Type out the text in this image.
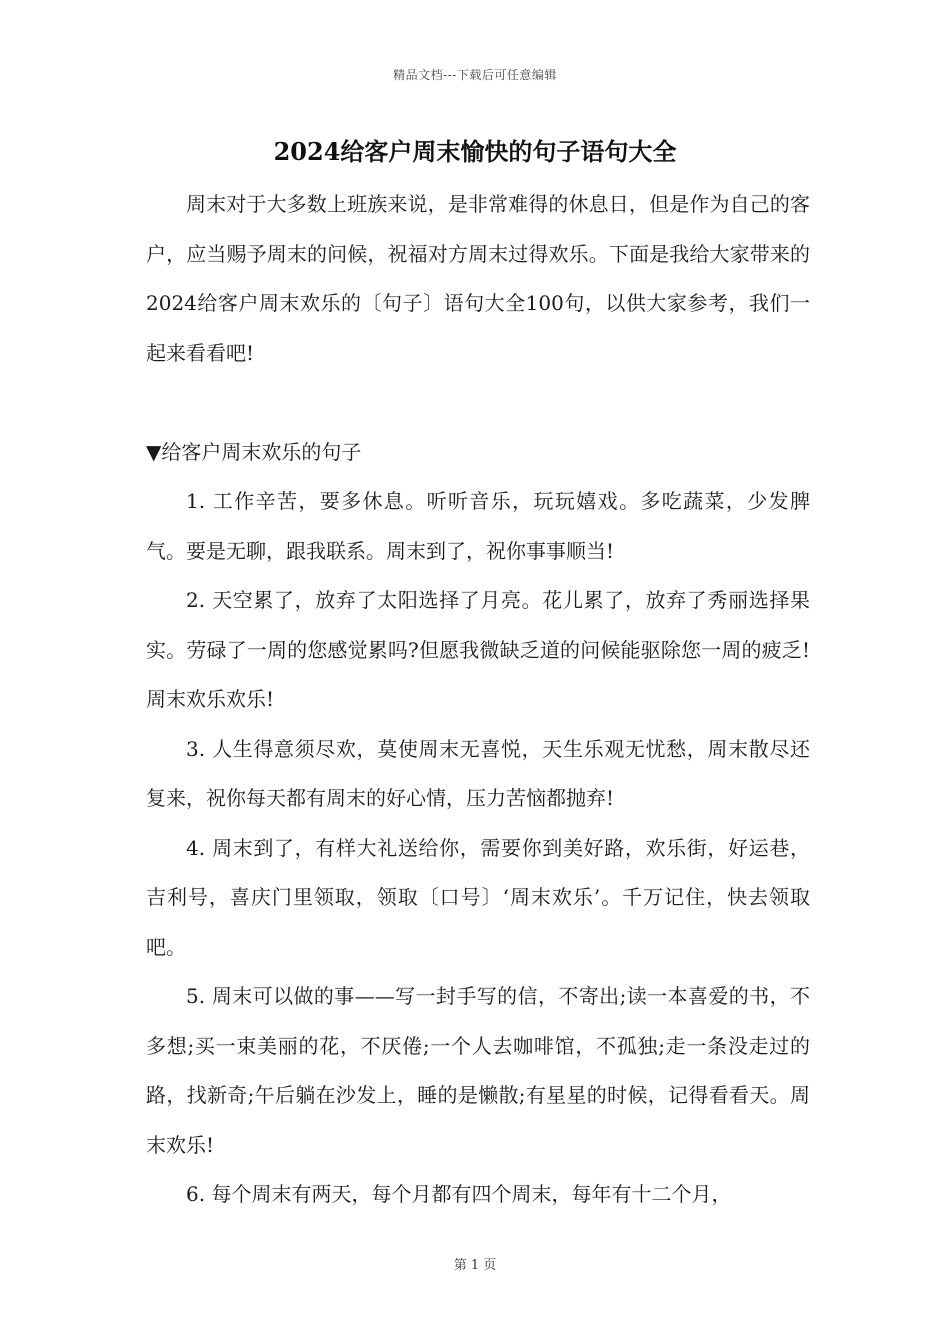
精品文档---下载后可任意编辑
2024给客户周末愉快的句子语句大全

周末对于大多数上班族来说，是非常难得的休息日，但是作为自己的客户，应当赐予周末的问候，祝福对方周末过得欢乐。下面是我给大家带来的2024给客户周末欢乐的〔句子〕语句大全100句，以供大家参考，我们一起来看看吧!

▼给客户周末欢乐的句子

1. 工作辛苦，要多休息。听听音乐，玩玩嬉戏。多吃蔬菜，少发脾气。要是无聊，跟我联系。周末到了，祝你事事顺当!

2. 天空累了，放弃了太阳选择了月亮。花儿累了，放弃了秀丽选择果实。劳碌了一周的您感觉累吗?但愿我微缺乏道的问候能驱除您一周的疲乏!周末欢乐欢乐!

3. 人生得意须尽欢，莫使周末无喜悦，天生乐观无忧愁，周末散尽还复来，祝你每天都有周末的好心情，压力苦恼都抛弃!

4. 周末到了，有样大礼送给你，需要你到美好路，欢乐街，好运巷，吉利号，喜庆门里领取，领取〔口号〕‘周末欢乐’。千万记住，快去领取吧。

5. 周末可以做的事——写一封手写的信，不寄出;读一本喜爱的书，不多想;买一束美丽的花，不厌倦;一个人去咖啡馆，不孤独;走一条没走过的路，找新奇;午后躺在沙发上，睡的是懒散;有星星的时候，记得看看天。周末欢乐!

6. 每个周末有两天，每个月都有四个周末，每年有十二个月，

第 1 页
